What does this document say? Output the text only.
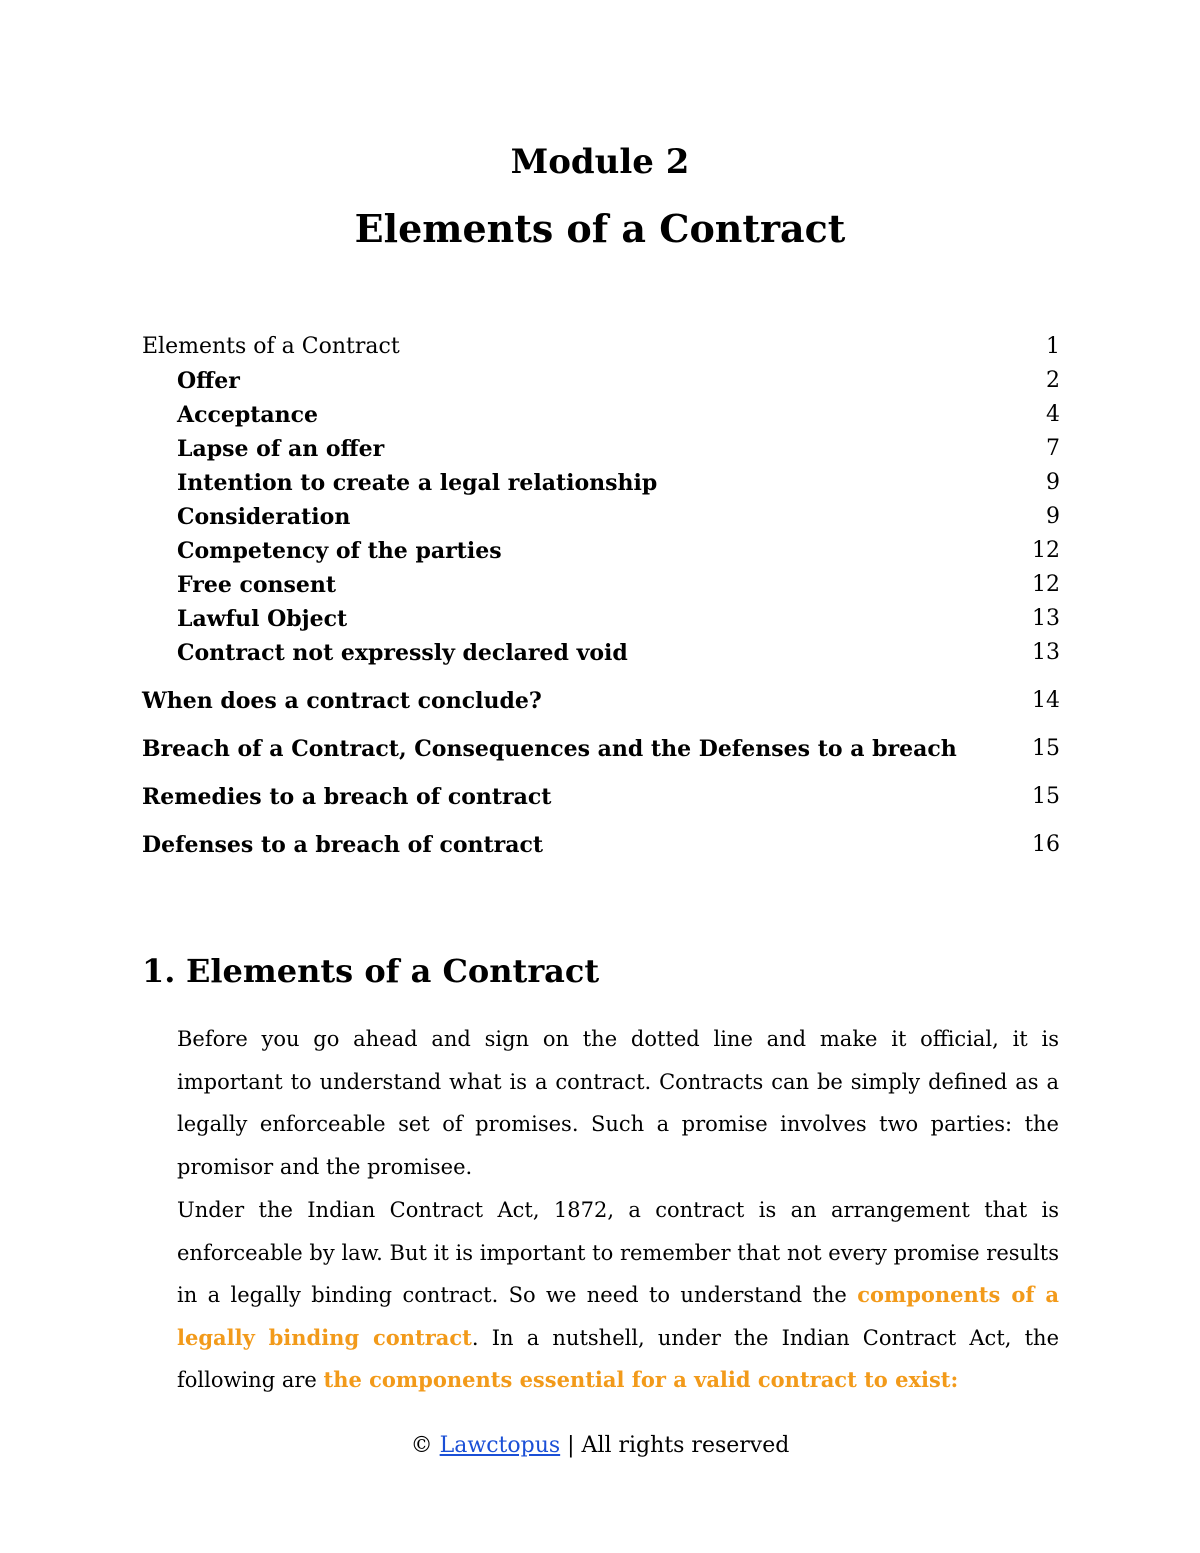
Module 2
Elements of a Contract
Elements of a Contract	1
Offer	2
Acceptance	4
Lapse of an offer	7
Intention to create a legal relationship	9
Consideration	9
Competency of the parties	12
Free consent	12
Lawful Object	13
Contract not expressly declared void	13
When does a contract conclude?	14
Breach of a Contract, Consequences and the Defenses to a breach	15
Remedies to a breach of contract	15
Defenses to a breach of contract	16
1. Elements of a Contract
Before you go ahead and sign on the dotted line and make it official, it is important to understand what is a contract. Contracts can be simply defined as a legally enforceable set of promises. Such a promise involves two parties: the promisor and the promisee.
Under the Indian Contract Act, 1872, a contract is an arrangement that is enforceable by law. But it is important to remember that not every promise results in a legally binding contract. So we need to understand the components of a legally binding contract. In a nutshell, under the Indian Contract Act, the following are the components essential for a valid contract to exist:
© Lawctopus | All rights reserved
